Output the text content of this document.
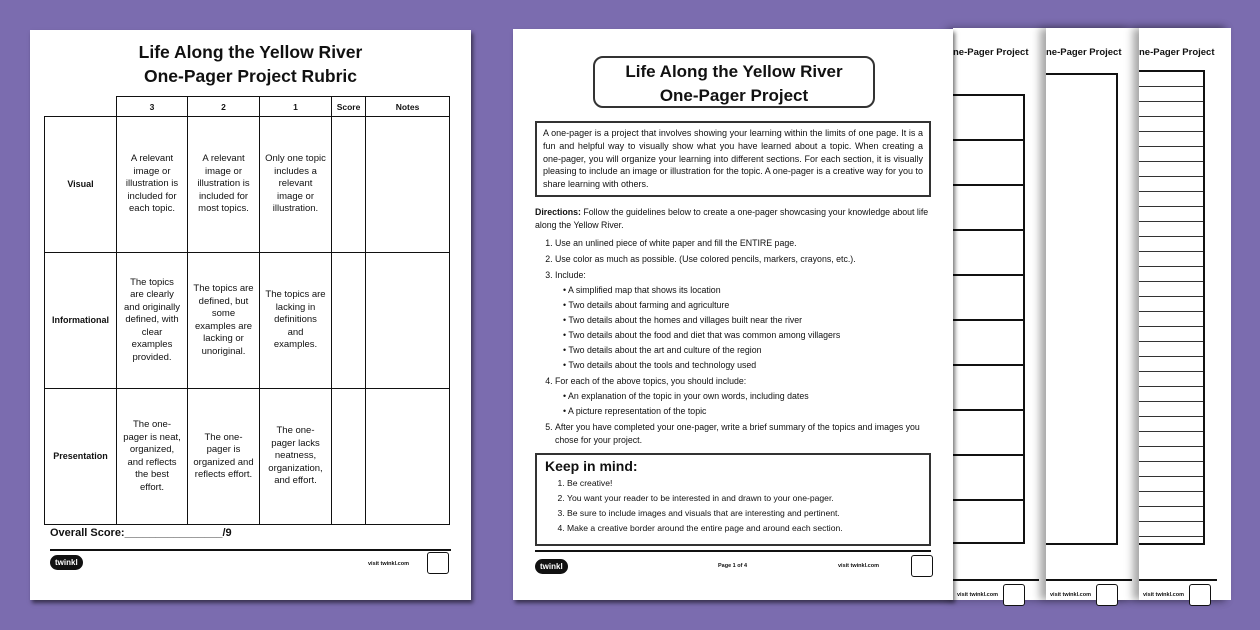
ne-Pager Project
visit twinkl.com
ne-Pager Project
visit twinkl.com
ne-Pager Project
visit twinkl.com
Life Along the Yellow River
One-Pager Project Rubric
	3	2	1	Score	Notes
Visual	A relevant image or illustration is included for each topic.	A relevant image or illustration is included for most topics.	Only one topic includes a relevant image or illustration.		
Informational	The topics are clearly and originally defined, with clear examples provided.	The topics are defined, but some examples are lacking or unoriginal.	The topics are lacking in definitions and examples.		
Presentation	The one-pager is neat, organized, and reflects the best effort.	The one-pager is organized and reflects effort.	The one-pager lacks neatness, organization, and effort.		
Overall Score:________________/9
twinkl	visit twinkl.com
Life Along the Yellow River
One-Pager Project
A one-pager is a project that involves showing your learning within the limits of one page. It is a fun and helpful way to visually show what you have learned about a topic. When creating a one-pager, you will organize your learning into different sections. For each section, it is visually pleasing to include an image or illustration for the topic. A one-pager is a creative way for you to share learning with others.
Directions: Follow the guidelines below to create a one-pager showcasing your knowledge about life along the Yellow River.
1. Use an unlined piece of white paper and fill the ENTIRE page.
2. Use color as much as possible. (Use colored pencils, markers, crayons, etc.).
3. Include:
• A simplified map that shows its location
• Two details about farming and agriculture
• Two details about the homes and villages built near the river
• Two details about the food and diet that was common among villagers
• Two details about the art and culture of the region
• Two details about the tools and technology used
4. For each of the above topics, you should include:
• An explanation of the topic in your own words, including dates
• A picture representation of the topic
5. After you have completed your one-pager, write a brief summary of the topics and images you chose for your project.
Keep in mind:
1. Be creative!
2. You want your reader to be interested in and drawn to your one-pager.
3. Be sure to include images and visuals that are interesting and pertinent.
4. Make a creative border around the entire page and around each section.
twinkl	Page 1 of 4	visit twinkl.com
